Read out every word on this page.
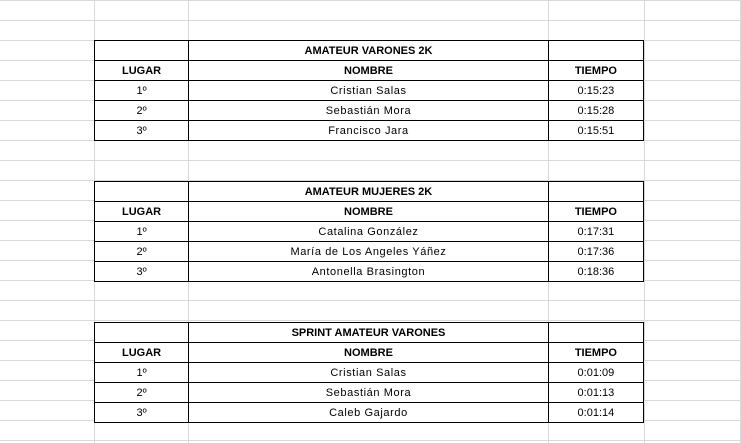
	AMATEUR VARONES 2K	
LUGAR	NOMBRE	TIEMPO
1º	Cristian Salas	0:15:23
2º	Sebastián Mora	0:15:28
3º	Francisco Jara	0:15:51
	AMATEUR MUJERES 2K	
LUGAR	NOMBRE	TIEMPO
1º	Catalina González	0:17:31
2º	María de Los Angeles Yáñez	0:17:36
3º	Antonella Brasington	0:18:36
	SPRINT AMATEUR VARONES	
LUGAR	NOMBRE	TIEMPO
1º	Cristian Salas	0:01:09
2º	Sebastián Mora	0:01:13
3º	Caleb Gajardo	0:01:14
